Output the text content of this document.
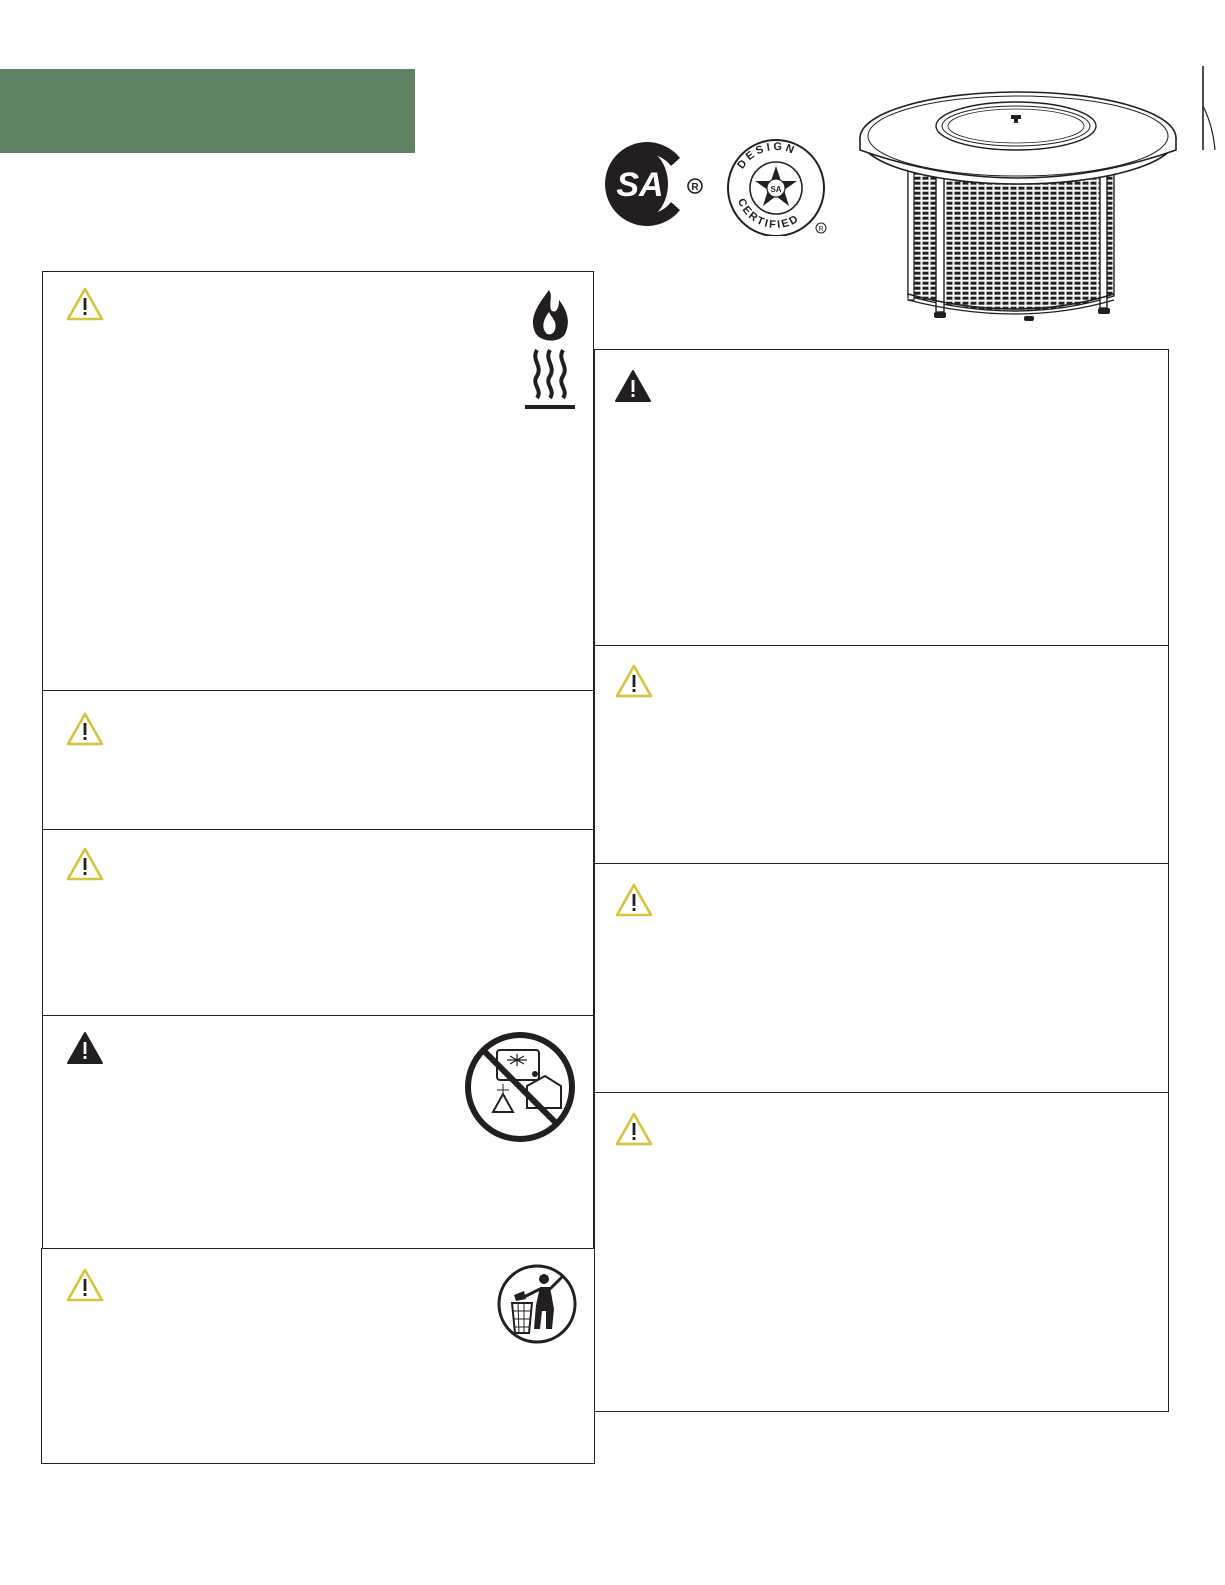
SA	R
DESIGN
CERTIFIED
SA
R
